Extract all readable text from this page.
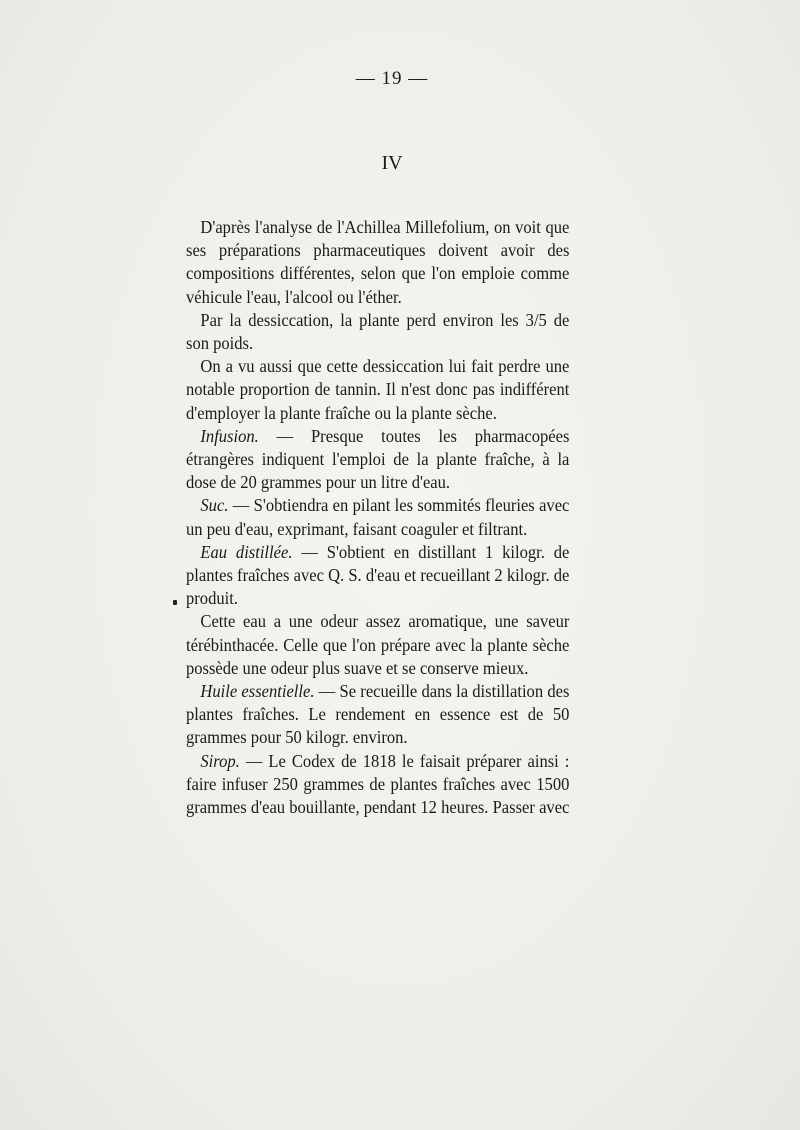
— 19 —
IV

D'après l'analyse de l'Achillea Millefolium, on voit que ses préparations pharmaceutiques doivent avoir des compositions différentes, selon que l'on emploie comme véhicule l'eau, l'alcool ou l'éther.

Par la dessiccation, la plante perd environ les 3/5 de son poids.

On a vu aussi que cette dessiccation lui fait perdre une notable proportion de tannin. Il n'est donc pas indifférent d'employer la plante fraîche ou la plante sèche.

Infusion. — Presque toutes les pharmacopées étrangères indiquent l'emploi de la plante fraîche, à la dose de 20 grammes pour un litre d'eau.

Suc. — S'obtiendra en pilant les sommités fleuries avec un peu d'eau, exprimant, faisant coaguler et filtrant.

Eau distillée. — S'obtient en distillant 1 kilogr. de plantes fraîches avec Q. S. d'eau et recueillant 2 kilogr. de produit.

Cette eau a une odeur assez aromatique, une saveur térébinthacée. Celle que l'on prépare avec la plante sèche possède une odeur plus suave et se conserve mieux.

Huile essentielle. — Se recueille dans la distillation des plantes fraîches. Le rendement en essence est de 50 grammes pour 50 kilogr. environ.

Sirop. — Le Codex de 1818 le faisait préparer ainsi : faire infuser 250 grammes de plantes fraîches avec 1500 grammes d'eau bouillante, pendant 12 heures. Passer avec
